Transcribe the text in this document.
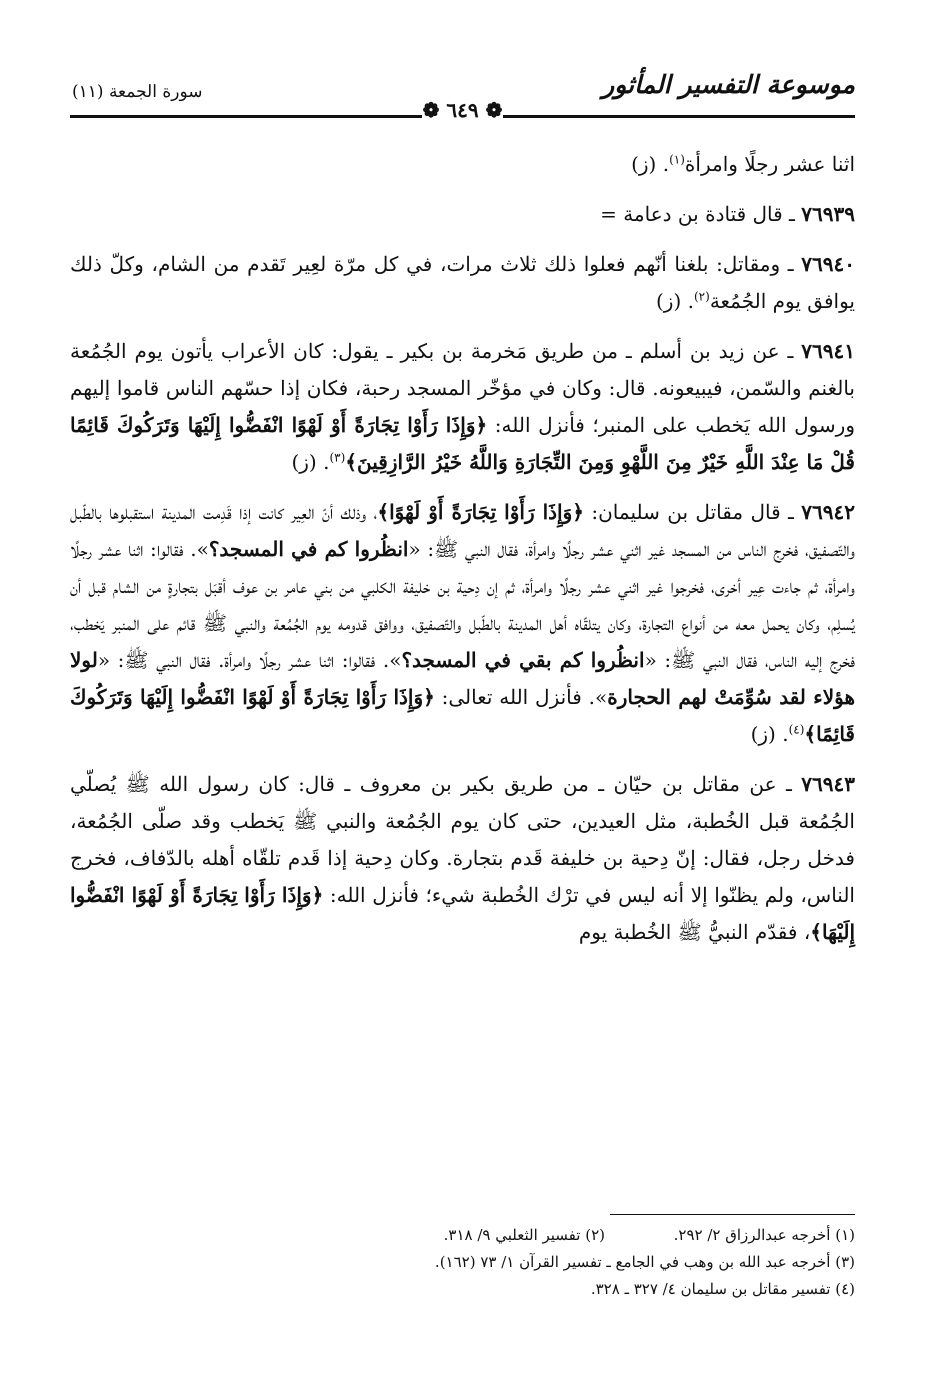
موسوعة التفسير المأثور
سورة الجمعة (١١)
❁ ٦٤٩ ❁

اثنا عشر رجلًا وامرأة$^{(١)}$. (ز)

٧٦٩٣٩ ـ قال قتادة بن دعامة =

٧٦٩٤٠ ـ ومقاتل: بلغنا أنّهم فعلوا ذلك ثلاث مرات، في كل مرّة لعِير تَقدم من الشام، وكلّ ذلك يوافق يوم الجُمُعة$^{(٢)}$. (ز)

٧٦٩٤١ ـ عن زيد بن أسلم ـ من طريق مَخرمة بن بكير ـ يقول: كان الأعراب يأتون يوم الجُمُعة بالغنم والسّمن، فيبيعونه. قال: وكان في مؤخّر المسجد رحبة، فكان إذا حسّهم الناس قاموا إليهم ورسول الله يَخطب على المنبر؛ فأنزل الله: ﴿وَإِذَا رَأَوْا تِجَارَةً أَوْ لَهْوًا انْفَضُّوا إِلَيْهَا وَتَرَكُوكَ قَائِمًا قُلْ مَا عِنْدَ اللَّهِ خَيْرٌ مِنَ اللَّهْوِ وَمِنَ التِّجَارَةِ وَاللَّهُ خَيْرُ الرَّازِقِينَ﴾$^{(٣)}$. (ز)

٧٦٩٤٢ ـ قال مقاتل بن سليمان: ﴿وَإِذَا رَأَوْا تِجَارَةً أَوْ لَهْوًا﴾، وذلك أنّ العِير كانت إذا قَدِمت المدينة استقبلوها بالطّبل والتّصفيق، فخرج الناس من المسجد غير اثني عشر رجلًا وامرأة، فقال النبي ﷺ: «انظُروا كم في المسجد؟». فقالوا: اثنا عشر رجلًا وامرأة، ثم جاءت عِير أخرى، فخرجوا غير اثني عشر رجلًا وامرأة، ثم إن دِحية بن خليفة الكلبي من بني عامر بن عوف أقبَل بتجارةٍ من الشام قبل أن يُسلِم، وكان يحمل معه من أنواع التجارة، وكان يتلقّاه أهل المدينة بالطّبل والتّصفيق، ووافق قدومه يوم الجُمُعة والنبي ﷺ قائم على المنبر يَخطب، فخرج إليه الناس، فقال النبي ﷺ: «انظُروا كم بقي في المسجد؟». فقالوا: اثنا عشر رجلًا وامرأة. فقال النبي ﷺ: «لولا هؤلاء لقد سُوِّمَتْ لهم الحجارة». فأنزل الله تعالى: ﴿وَإِذَا رَأَوْا تِجَارَةً أَوْ لَهْوًا انْفَضُّوا إِلَيْهَا وَتَرَكُوكَ قَائِمًا﴾$^{(٤)}$. (ز)

٧٦٩٤٣ ـ عن مقاتل بن حيّان ـ من طريق بكير بن معروف ـ قال: كان رسول الله ﷺ يُصلّي الجُمُعة قبل الخُطبة، مثل العيدين، حتى كان يوم الجُمُعة والنبي ﷺ يَخطب وقد صلّى الجُمُعة، فدخل رجل، فقال: إنّ دِحية بن خليفة قَدم بتجارة. وكان دِحية إذا قَدم تلقّاه أهله بالدّفاف، فخرج الناس، ولم يظنّوا إلا أنه ليس في ترْك الخُطبة شيء؛ فأنزل الله: ﴿وَإِذَا رَأَوْا تِجَارَةً أَوْ لَهْوًا انْفَضُّوا إِلَيْهَا﴾، فقدّم النبيُّ ﷺ الخُطبة يوم

(١) أخرجه عبدالرزاق ٢/ ٢٩٢.
(٢) تفسير الثعلبي ٩/ ٣١٨.
(٣) أخرجه عبد الله بن وهب في الجامع ـ تفسير القرآن ١/ ٧٣ (١٦٢).
(٤) تفسير مقاتل بن سليمان ٤/ ٣٢٧ ـ ٣٢٨.
